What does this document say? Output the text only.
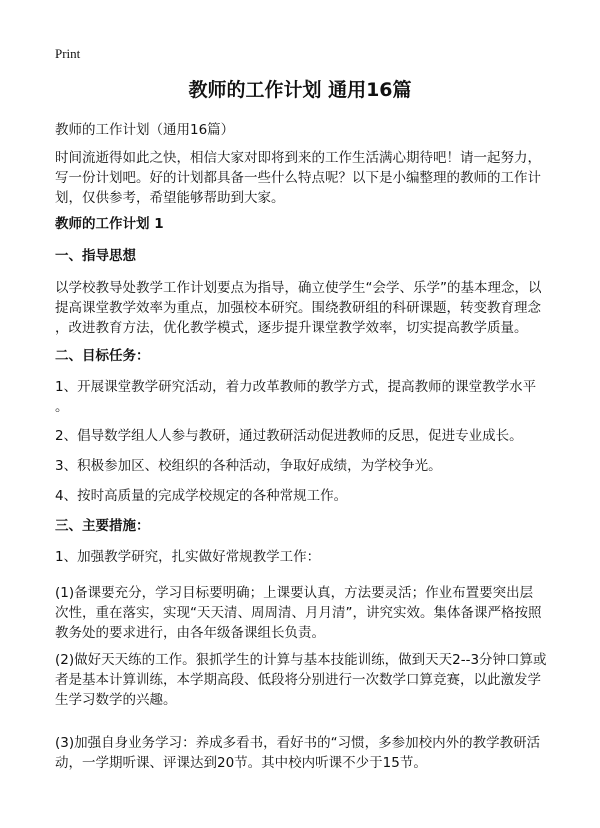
Print
教师的工作计划 通用16篇
教师的工作计划（通用16篇）
时间流逝得如此之快，相信大家对即将到来的工作生活满心期待吧！请一起努力，
写一份计划吧。好的计划都具备一些什么特点呢？以下是小编整理的教师的工作计
划，仅供参考，希望能够帮助到大家。
教师的工作计划 1
一、指导思想
以学校教导处教学工作计划要点为指导，确立使学生“会学、乐学”的基本理念，以
提高课堂教学效率为重点，加强校本研究。围绕教研组的科研课题，转变教育理念
，改进教育方法，优化教学模式，逐步提升课堂教学效率，切实提高教学质量。
二、目标任务：
1、开展课堂教学研究活动，着力改革教师的教学方式，提高教师的课堂教学水平
。
2、倡导数学组人人参与教研，通过教研活动促进教师的反思，促进专业成长。
3、积极参加区、校组织的各种活动，争取好成绩，为学校争光。
4、按时高质量的完成学校规定的各种常规工作。
三、主要措施：
1、加强教学研究，扎实做好常规教学工作：
(1)备课要充分，学习目标要明确；上课要认真，方法要灵活；作业布置要突出层
次性，重在落实，实现“天天清、周周清、月月清”，讲究实效。集体备课严格按照
教务处的要求进行，由各年级备课组长负责。
(2)做好天天练的工作。狠抓学生的计算与基本技能训练，做到天天2--3分钟口算或
者是基本计算训练，本学期高段、低段将分别进行一次数学口算竞赛，以此激发学
生学习数学的兴趣。
(3)加强自身业务学习：养成多看书，看好书的“习惯，多参加校内外的教学教研活
动，一学期听课、评课达到20节。其中校内听课不少于15节。
